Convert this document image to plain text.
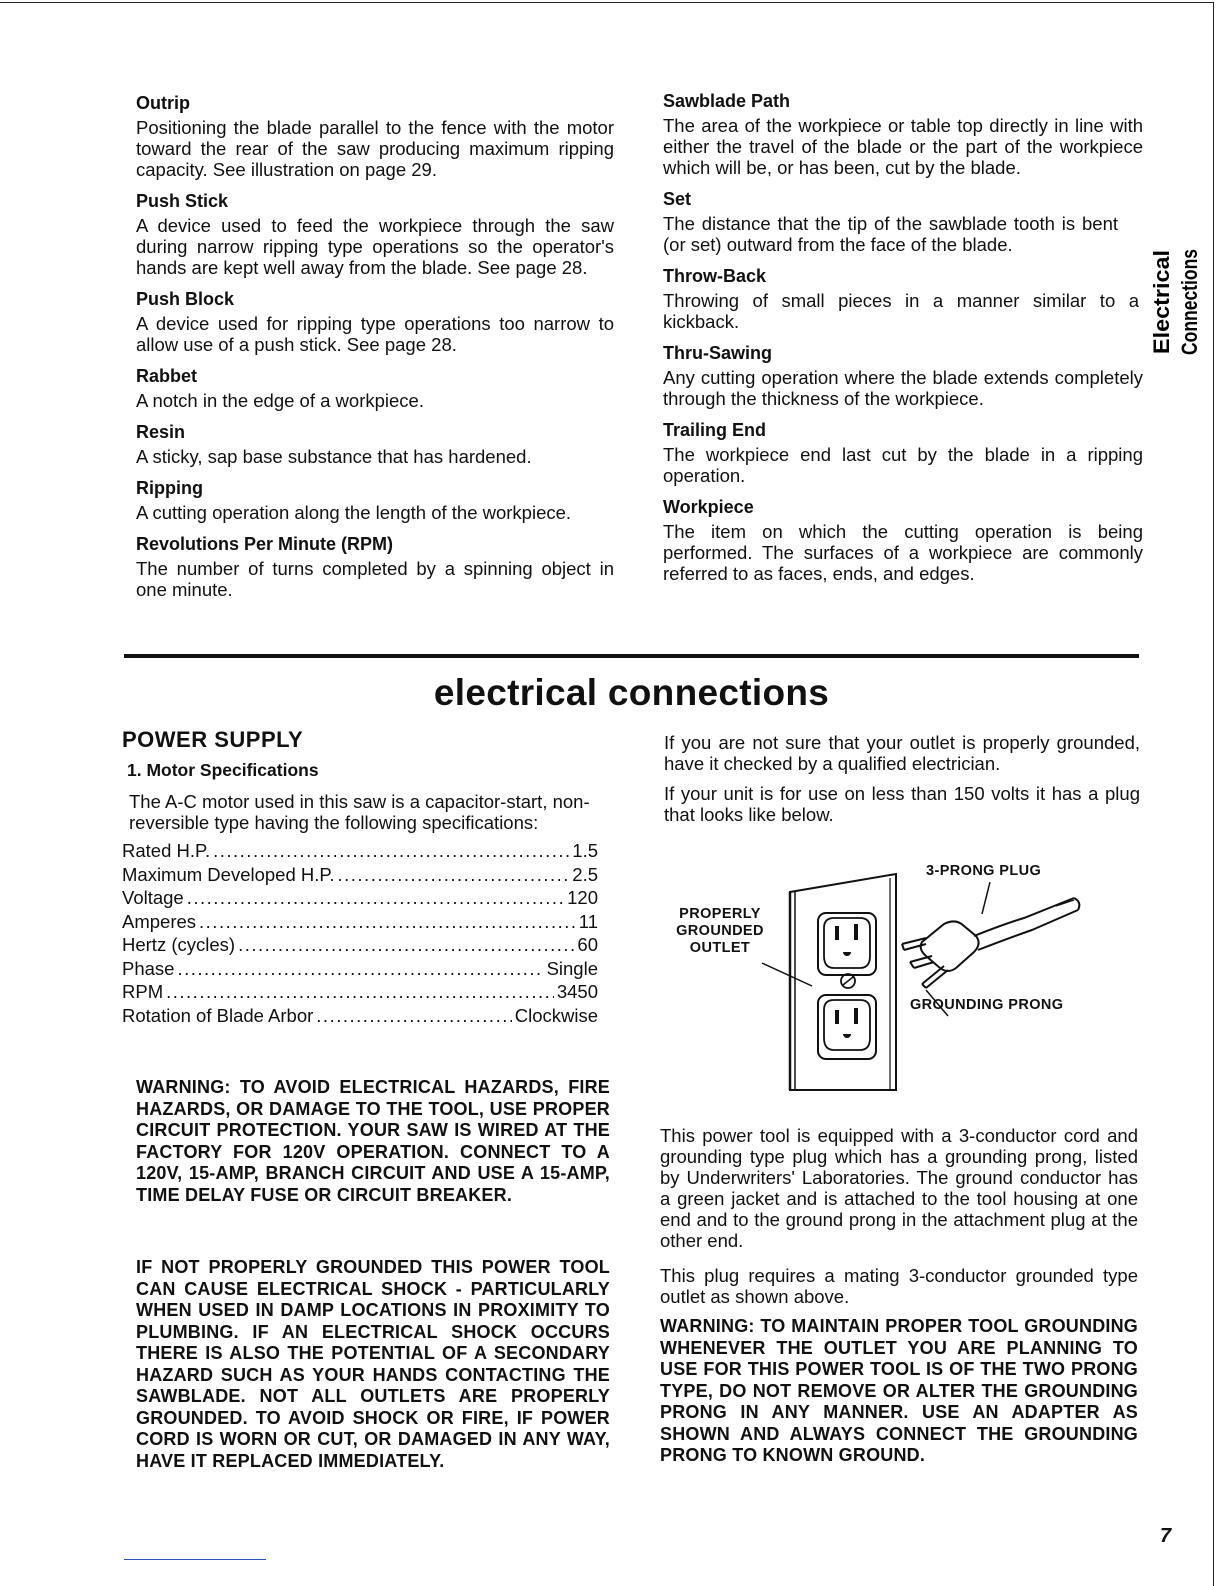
Outrip
Positioning the blade parallel to the fence with the motor toward the rear of the saw producing maximum ripping capacity. See illustration on page 29.
Push Stick
A device used to feed the workpiece through the saw during narrow ripping type operations so the operator's hands are kept well away from the blade. See page 28.
Push Block
A device used for ripping type operations too narrow to allow use of a push stick. See page 28.
Rabbet
A notch in the edge of a workpiece.
Resin
A sticky, sap base substance that has hardened.
Ripping
A cutting operation along the length of the workpiece.
Revolutions Per Minute (RPM)
The number of turns completed by a spinning object in one minute.
Sawblade Path
The area of the workpiece or table top directly in line with either the travel of the blade or the part of the workpiece which will be, or has been, cut by the blade.
Set
The distance that the tip of the sawblade tooth is bent (or set) outward from the face of the blade.
Throw-Back
Throwing of small pieces in a manner similar to a kickback.
Thru-Sawing
Any cutting operation where the blade extends completely through the thickness of the workpiece.
Trailing End
The workpiece end last cut by the blade in a ripping operation.
Workpiece
The item on which the cutting operation is being performed. The surfaces of a workpiece are commonly referred to as faces, ends, and edges.
Electrical Connections
electrical connections
POWER SUPPLY
1. Motor Specifications
The A-C motor used in this saw is a capacitor-start, non-reversible type having the following specifications:
Rated H.P. .....	1.5
Maximum Developed H.P. .....	2.5
Voltage .....	120
Amperes .....	11
Hertz (cycles) .....	60
Phase .....	Single
RPM .....	3450
Rotation of Blade Arbor .....	Clockwise
WARNING: TO AVOID ELECTRICAL HAZARDS, FIRE HAZARDS, OR DAMAGE TO THE TOOL, USE PROPER CIRCUIT PROTECTION. YOUR SAW IS WIRED AT THE FACTORY FOR 120V OPERATION. CONNECT TO A 120V, 15-AMP, BRANCH CIRCUIT AND USE A 15-AMP, TIME DELAY FUSE OR CIRCUIT BREAKER.
IF NOT PROPERLY GROUNDED THIS POWER TOOL CAN CAUSE ELECTRICAL SHOCK - PARTICULARLY WHEN USED IN DAMP LOCATIONS IN PROXIMITY TO PLUMBING. IF AN ELECTRICAL SHOCK OCCURS THERE IS ALSO THE POTENTIAL OF A SECONDARY HAZARD SUCH AS YOUR HANDS CONTACTING THE SAWBLADE. NOT ALL OUTLETS ARE PROPERLY GROUNDED. TO AVOID SHOCK OR FIRE, IF POWER CORD IS WORN OR CUT, OR DAMAGED IN ANY WAY, HAVE IT REPLACED IMMEDIATELY.
If you are not sure that your outlet is properly grounded, have it checked by a qualified electrician.
If your unit is for use on less than 150 volts it has a plug that looks like below.
PROPERLY
GROUNDED
OUTLET
3-PRONG PLUG
GROUNDING PRONG
This power tool is equipped with a 3-conductor cord and grounding type plug which has a grounding prong, listed by Underwriters' Laboratories. The ground conductor has a green jacket and is attached to the tool housing at one end and to the ground prong in the attachment plug at the other end.
This plug requires a mating 3-conductor grounded type outlet as shown above.
WARNING: TO MAINTAIN PROPER TOOL GROUNDING WHENEVER THE OUTLET YOU ARE PLANNING TO USE FOR THIS POWER TOOL IS OF THE TWO PRONG TYPE, DO NOT REMOVE OR ALTER THE GROUNDING PRONG IN ANY MANNER. USE AN ADAPTER AS SHOWN AND ALWAYS CONNECT THE GROUNDING PRONG TO KNOWN GROUND.
7
